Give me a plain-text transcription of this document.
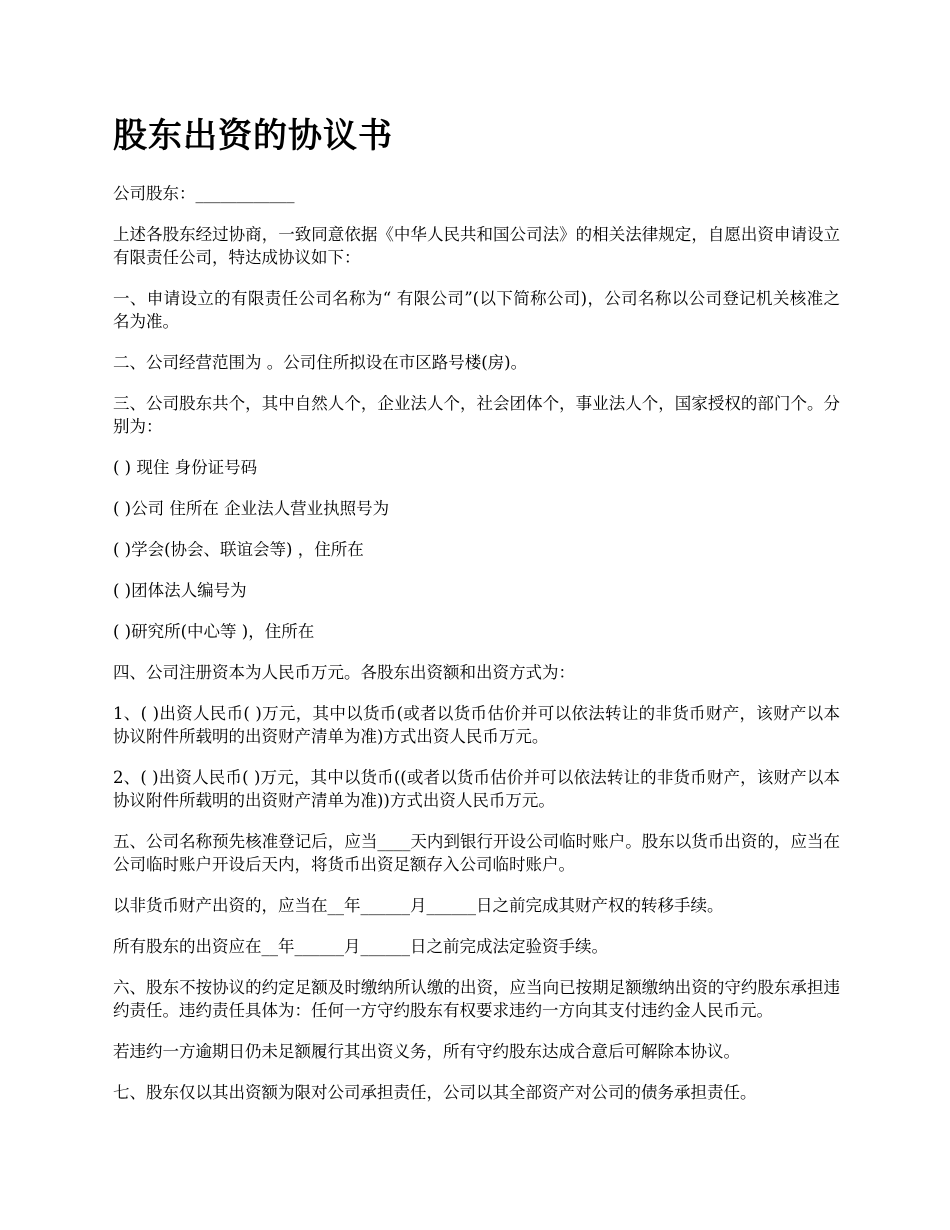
股东出资的协议书

公司股东：____________

上述各股东经过协商，一致同意依据《中华人民共和国公司法》的相关法律规定，自愿出资申请设立 有限责任公司，特达成协议如下：

一、申请设立的有限责任公司名称为“ 有限公司”(以下简称公司)，公司名称以公司登记机关核准之名为准。

二、公司经营范围为 。公司住所拟设在市区路号楼(房)。

三、公司股东共个，其中自然人个，企业法人个，社会团体个，事业法人个，国家授权的部门个。分别为：

( ) 现住 身份证号码

( )公司 住所在 企业法人营业执照号为

( )学会(协会、联谊会等) ，住所在

( )团体法人编号为

( )研究所(中心等 )，住所在

四、公司注册资本为人民币万元。各股东出资额和出资方式为：

1、( )出资人民币( )万元，其中以货币(或者以货币估价并可以依法转让的非货币财产，该财产以本协议附件所载明的出资财产清单为准)方式出资人民币万元。

2、( )出资人民币( )万元，其中以货币((或者以货币估价并可以依法转让的非货币财产，该财产以本协议附件所载明的出资财产清单为准))方式出资人民币万元。

五、公司名称预先核准登记后，应当____天内到银行开设公司临时账户。股东以货币出资的，应当在公司临时账户开设后天内，将货币出资足额存入公司临时账户。

以非货币财产出资的，应当在__年______月______日之前完成其财产权的转移手续。

所有股东的出资应在__年______月______日之前完成法定验资手续。

六、股东不按协议的约定足额及时缴纳所认缴的出资，应当向已按期足额缴纳出资的守约股东承担违约责任。违约责任具体为：任何一方守约股东有权要求违约一方向其支付违约金人民币元。

若违约一方逾期日仍未足额履行其出资义务，所有守约股东达成合意后可解除本协议。

七、股东仅以其出资额为限对公司承担责任，公司以其全部资产对公司的债务承担责任。
